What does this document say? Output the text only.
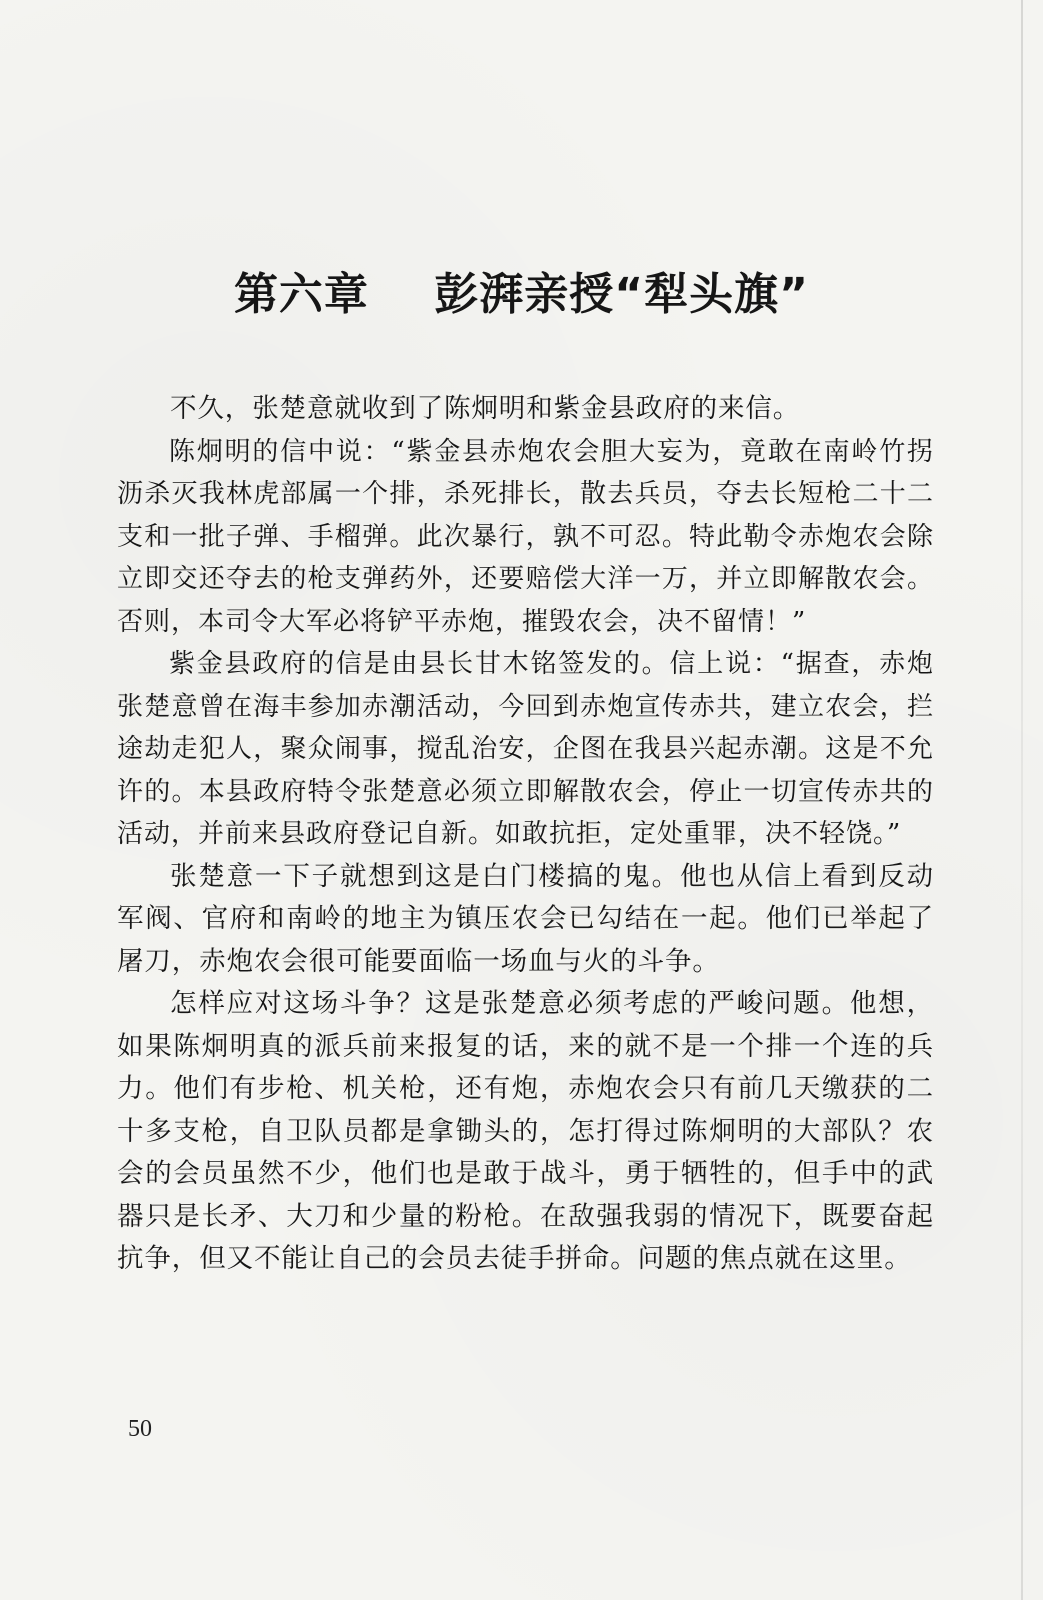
第六章    彭湃亲授“犁头旗”

不久，张楚意就收到了陈炯明和紫金县政府的来信。

陈炯明的信中说：“紫金县赤炮农会胆大妄为，竟敢在南岭竹拐沥杀灭我林虎部属一个排，杀死排长，散去兵员，夺去长短枪二十二支和一批子弹、手榴弹。此次暴行，孰不可忍。特此勒令赤炮农会除立即交还夺去的枪支弹药外，还要赔偿大洋一万，并立即解散农会。否则，本司令大军必将铲平赤炮，摧毁农会，决不留情！”

紫金县政府的信是由县长甘木铭签发的。信上说：“据查，赤炮张楚意曾在海丰参加赤潮活动，今回到赤炮宣传赤共，建立农会，拦途劫走犯人，聚众闹事，搅乱治安，企图在我县兴起赤潮。这是不允许的。本县政府特令张楚意必须立即解散农会，停止一切宣传赤共的活动，并前来县政府登记自新。如敢抗拒，定处重罪，决不轻饶。”

张楚意一下子就想到这是白门楼搞的鬼。他也从信上看到反动军阀、官府和南岭的地主为镇压农会已勾结在一起。他们已举起了屠刀，赤炮农会很可能要面临一场血与火的斗争。

怎样应对这场斗争？这是张楚意必须考虑的严峻问题。他想，如果陈炯明真的派兵前来报复的话，来的就不是一个排一个连的兵力。他们有步枪、机关枪，还有炮，赤炮农会只有前几天缴获的二十多支枪，自卫队员都是拿锄头的，怎打得过陈炯明的大部队？农会的会员虽然不少，他们也是敢于战斗，勇于牺牲的，但手中的武器只是长矛、大刀和少量的粉枪。在敌强我弱的情况下，既要奋起抗争，但又不能让自己的会员去徒手拼命。问题的焦点就在这里。

50
